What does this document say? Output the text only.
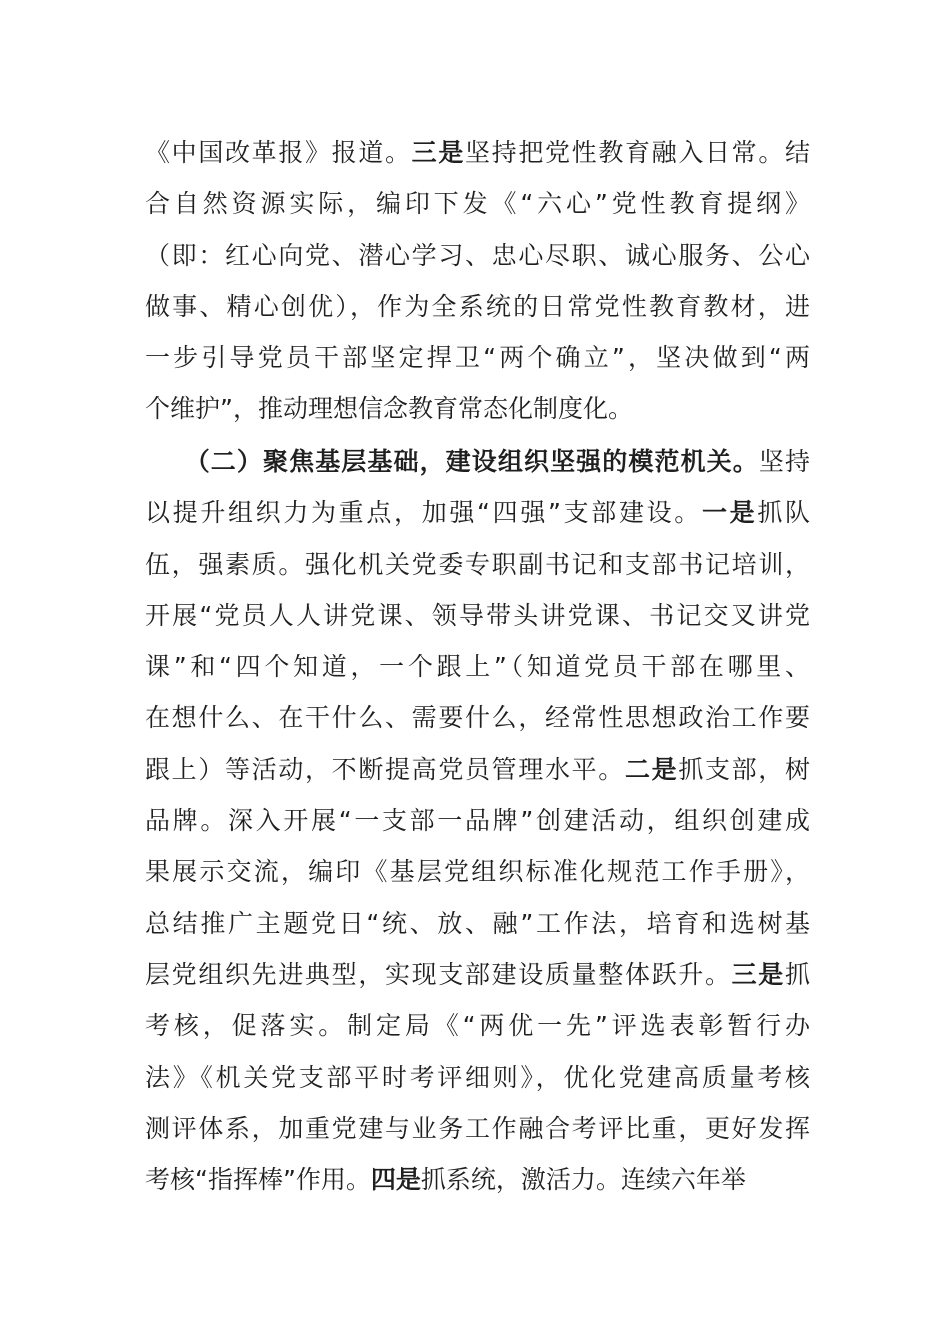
《中国改革报》报道。三是坚持把党性教育融入日常。结
合自然资源实际，编印下发《“六心”党性教育提纲》
（即：红心向党、潜心学习、忠心尽职、诚心服务、公心
做事、精心创优），作为全系统的日常党性教育教材，进
一步引导党员干部坚定捍卫“两个确立”，坚决做到“两
个维护”，推动理想信念教育常态化制度化。
　　（二）聚焦基层基础，建设组织坚强的模范机关。坚持
以提升组织力为重点，加强“四强”支部建设。一是抓队
伍，强素质。强化机关党委专职副书记和支部书记培训，
开展“党员人人讲党课、领导带头讲党课、书记交叉讲党
课”和“四个知道，一个跟上”（知道党员干部在哪里、
在想什么、在干什么、需要什么，经常性思想政治工作要
跟上）等活动，不断提高党员管理水平。二是抓支部，树
品牌。深入开展“一支部一品牌”创建活动，组织创建成
果展示交流，编印《基层党组织标准化规范工作手册》，
总结推广主题党日“统、放、融”工作法，培育和选树基
层党组织先进典型，实现支部建设质量整体跃升。三是抓
考核，促落实。制定局《“两优一先”评选表彰暂行办
法》《机关党支部平时考评细则》，优化党建高质量考核
测评体系，加重党建与业务工作融合考评比重，更好发挥
考核“指挥棒”作用。四是抓系统，激活力。连续六年举
